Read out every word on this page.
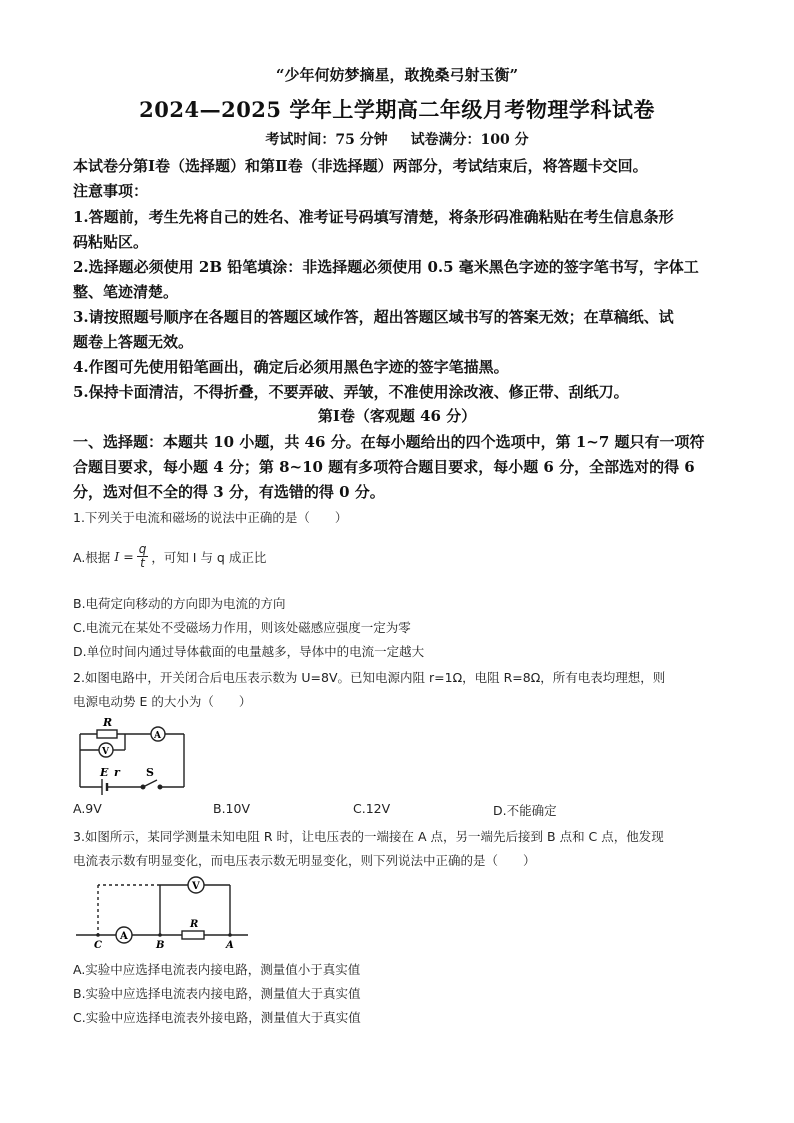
“少年何妨梦摘星，敢挽桑弓射玉衡”
2024—2025 学年上学期高二年级月考物理学科试卷
考试时间：75 分钟 试卷满分：100 分
本试卷分第Ⅰ卷（选择题）和第Ⅱ卷（非选择题）两部分，考试结束后，将答题卡交回。
注意事项：
1.答题前，考生先将自己的姓名、准考证号码填写清楚，将条形码准确粘贴在考生信息条形
码粘贴区。
2.选择题必须使用 2B 铅笔填涂：非选择题必须使用 0.5 毫米黑色字迹的签字笔书写，字体工
整、笔迹清楚。
3.请按照题号顺序在各题目的答题区域作答，超出答题区域书写的答案无效；在草稿纸、试
题卷上答题无效。
4.作图可先使用铅笔画出，确定后必须用黑色字迹的签字笔描黑。
5.保持卡面清洁，不得折叠，不要弄破、弄皱，不准使用涂改液、修正带、刮纸刀。
第Ⅰ卷（客观题 46 分）
一、选择题：本题共 10 小题，共 46 分。在每小题给出的四个选项中，第 1~7 题只有一项符
合题目要求，每小题 4 分；第 8~10 题有多项符合题目要求，每小题 6 分，全部选对的得 6
分，选对但不全的得 3 分，有选错的得 0 分。
1.下列关于电流和磁场的说法中正确的是（　　）
A.根据 $I = \frac{q}{t}$ ，可知 I 与 q 成正比
B.电荷定向移动的方向即为电流的方向
C.电流元在某处不受磁场力作用，则该处磁感应强度一定为零
D.单位时间内通过导体截面的电量越多，导体中的电流一定越大
2.如图电路中，开关闭合后电压表示数为 U=8V。已知电源内阻 r=1Ω，电阻 R=8Ω，所有电表均理想，则
电源电动势 E 的大小为（　　）
R
A
V
E r S
A.9V	B.10V	C.12V	D.不能确定
3.如图所示，某同学测量未知电阻 R 时，让电压表的一端接在 A 点，另一端先后接到 B 点和 C 点，他发现
电流表示数有明显变化，而电压表示数无明显变化，则下列说法中正确的是（　　）
V
A
R
C	B	A
A.实验中应选择电流表内接电路，测量值小于真实值
B.实验中应选择电流表内接电路，测量值大于真实值
C.实验中应选择电流表外接电路，测量值大于真实值
